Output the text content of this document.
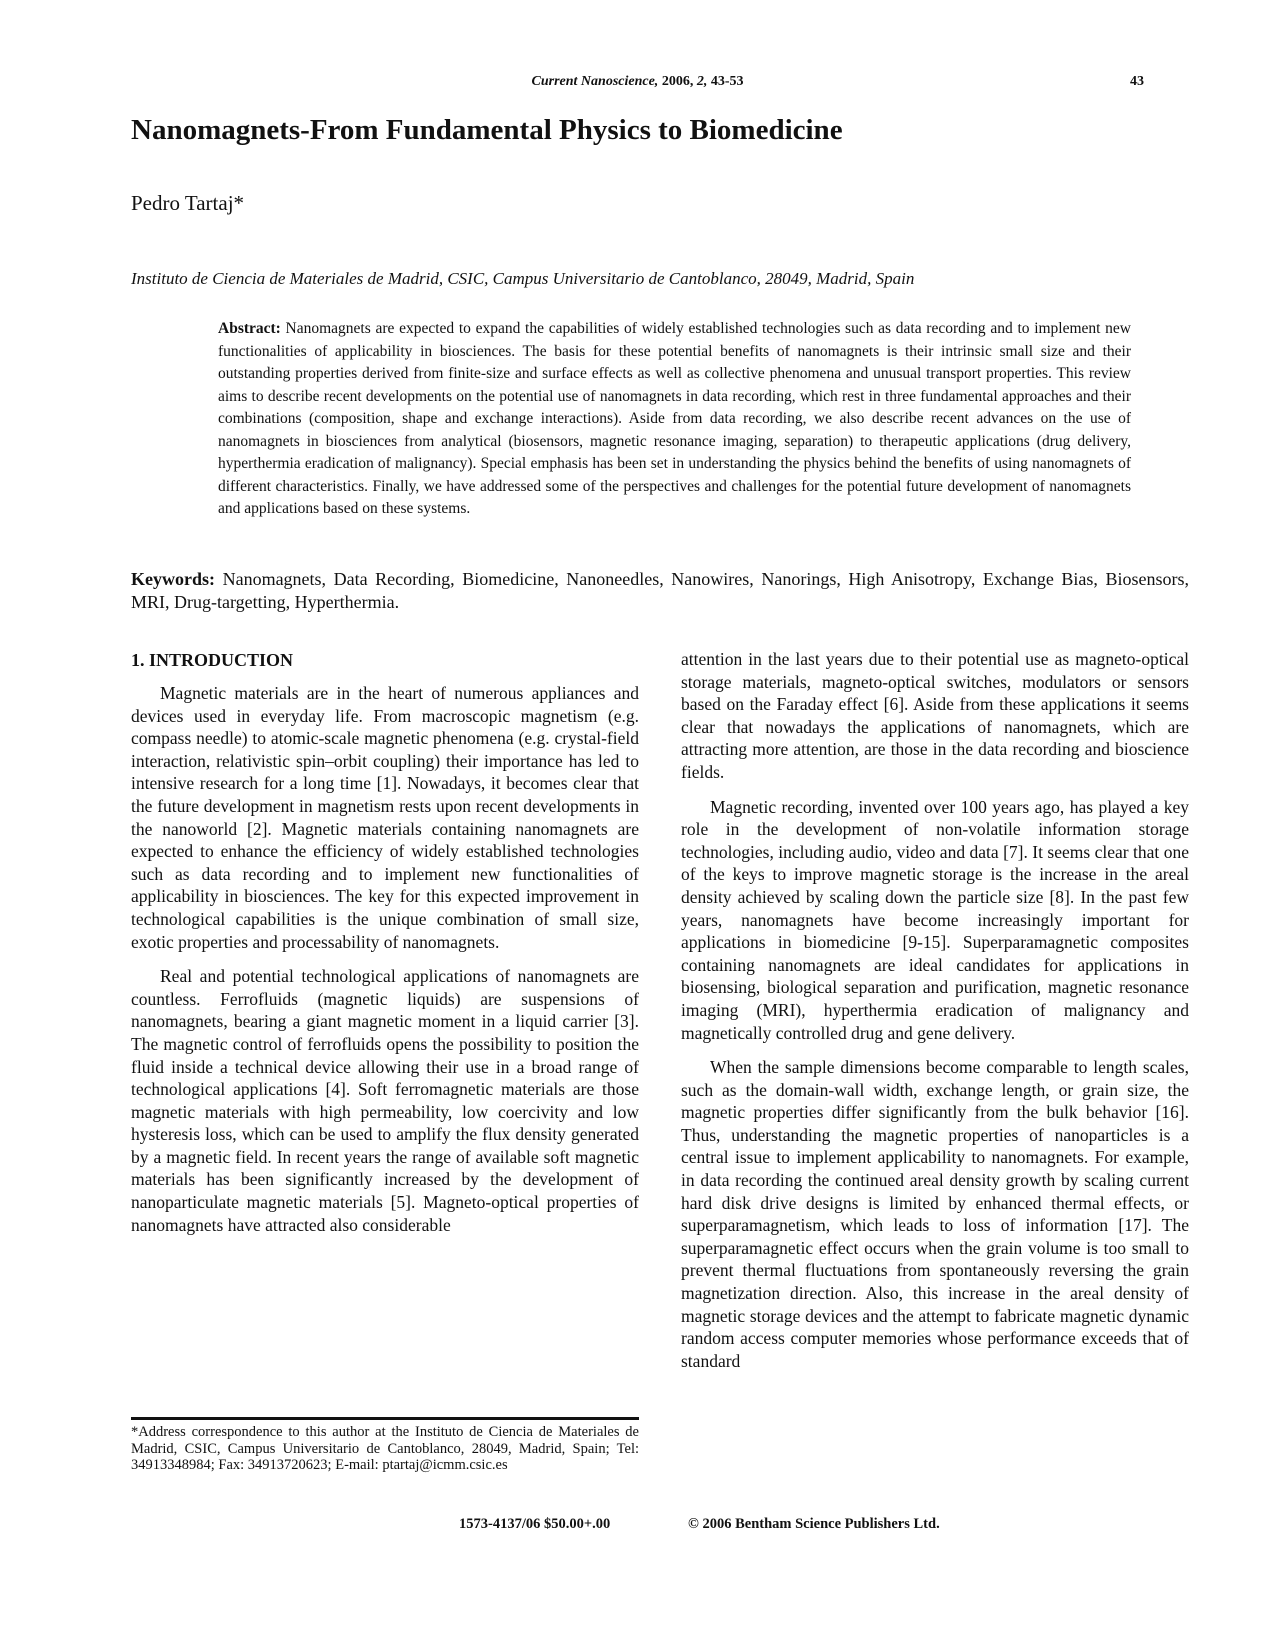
Current Nanoscience, 2006, 2, 43-53	43
Nanomagnets-From Fundamental Physics to Biomedicine

Pedro Tartaj*

Instituto de Ciencia de Materiales de Madrid, CSIC, Campus Universitario de Cantoblanco, 28049, Madrid, Spain

Abstract: Nanomagnets are expected to expand the capabilities of widely established technologies such as data recording and to implement new functionalities of applicability in biosciences. The basis for these potential benefits of nanomagnets is their intrinsic small size and their outstanding properties derived from finite-size and surface effects as well as collective phenomena and unusual transport properties. This review aims to describe recent developments on the potential use of nanomagnets in data recording, which rest in three fundamental approaches and their combinations (composition, shape and exchange interactions). Aside from data recording, we also describe recent advances on the use of nanomagnets in biosciences from analytical (biosensors, magnetic resonance imaging, separation) to therapeutic applications (drug delivery, hyperthermia eradication of malignancy). Special emphasis has been set in understanding the physics behind the benefits of using nanomagnets of different characteristics. Finally, we have addressed some of the perspectives and challenges for the potential future development of nanomagnets and applications based on these systems.

Keywords: Nanomagnets, Data Recording, Biomedicine, Nanoneedles, Nanowires, Nanorings, High Anisotropy, Exchange Bias, Biosensors, MRI, Drug-targetting, Hyperthermia.

1. INTRODUCTION

Magnetic materials are in the heart of numerous appliances and devices used in everyday life. From macroscopic magnetism (e.g. compass needle) to atomic-scale magnetic phenomena (e.g. crystal-field interaction, relativistic spin–orbit coupling) their importance has led to intensive research for a long time [1]. Nowadays, it becomes clear that the future development in magnetism rests upon recent developments in the nanoworld [2]. Magnetic materials containing nanomagnets are expected to enhance the efficiency of widely established technologies such as data recording and to implement new functionalities of applicability in biosciences. The key for this expected improvement in technological capabilities is the unique combination of small size, exotic properties and processability of nanomagnets.

Real and potential technological applications of nanomagnets are countless. Ferrofluids (magnetic liquids) are suspensions of nanomagnets, bearing a giant magnetic moment in a liquid carrier [3]. The magnetic control of ferrofluids opens the possibility to position the fluid inside a technical device allowing their use in a broad range of technological applications [4]. Soft ferromagnetic materials are those magnetic materials with high permeability, low coercivity and low hysteresis loss, which can be used to amplify the flux density generated by a magnetic field. In recent years the range of available soft magnetic materials has been significantly increased by the development of nanoparticulate magnetic materials [5]. Magneto-optical properties of nanomagnets have attracted also considerable

attention in the last years due to their potential use as magneto-optical storage materials, magneto-optical switches, modulators or sensors based on the Faraday effect [6]. Aside from these applications it seems clear that nowadays the applications of nanomagnets, which are attracting more attention, are those in the data recording and bioscience fields.

Magnetic recording, invented over 100 years ago, has played a key role in the development of non-volatile information storage technologies, including audio, video and data [7]. It seems clear that one of the keys to improve magnetic storage is the increase in the areal density achieved by scaling down the particle size [8]. In the past few years, nanomagnets have become increasingly important for applications in biomedicine [9-15]. Superparamagnetic composites containing nanomagnets are ideal candidates for applications in biosensing, biological separation and purification, magnetic resonance imaging (MRI), hyperthermia eradication of malignancy and magnetically controlled drug and gene delivery.

When the sample dimensions become comparable to length scales, such as the domain-wall width, exchange length, or grain size, the magnetic properties differ significantly from the bulk behavior [16]. Thus, understanding the magnetic properties of nanoparticles is a central issue to implement applicability to nanomagnets. For example, in data recording the continued areal density growth by scaling current hard disk drive designs is limited by enhanced thermal effects, or superparamagnetism, which leads to loss of information [17]. The superparamagnetic effect occurs when the grain volume is too small to prevent thermal fluctuations from spontaneously reversing the grain magnetization direction. Also, this increase in the areal density of magnetic storage devices and the attempt to fabricate magnetic dynamic random access computer memories whose performance exceeds that of standard

*Address correspondence to this author at the Instituto de Ciencia de Materiales de Madrid, CSIC, Campus Universitario de Cantoblanco, 28049, Madrid, Spain; Tel: 34913348984; Fax: 34913720623; E-mail: ptartaj@icmm.csic.es

1573-4137/06 $50.00+.00	© 2006 Bentham Science Publishers Ltd.
